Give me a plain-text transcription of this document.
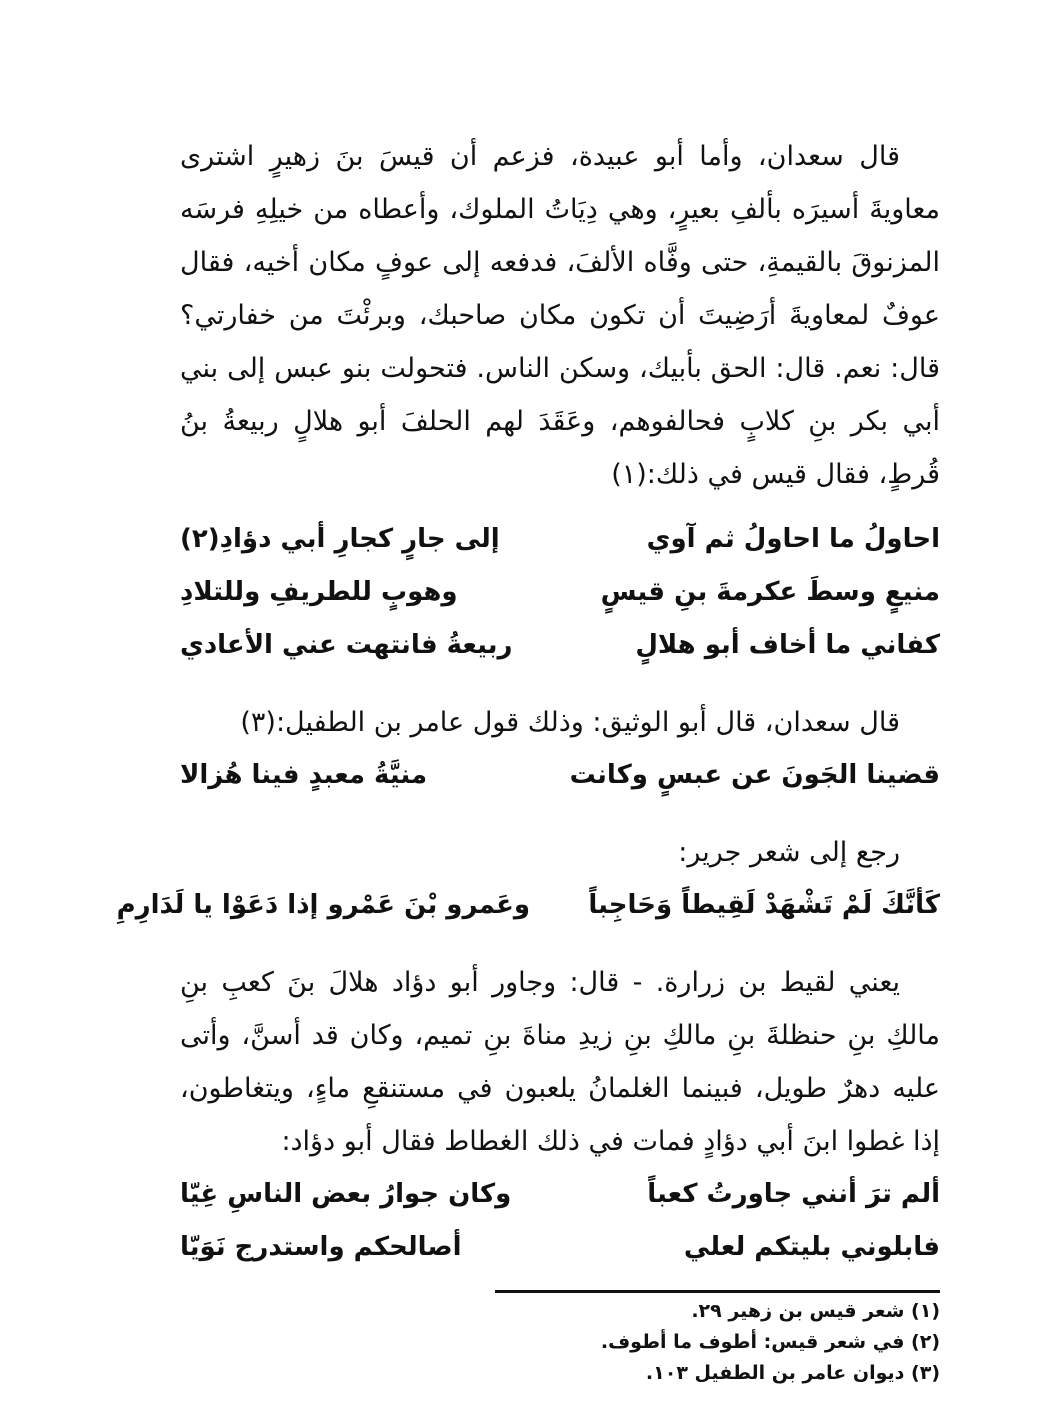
قال سعدان، وأما أبو عبيدة، فزعم أن قيسَ بنَ زهيرٍ اشترى معاويةَ أسيرَه بألفِ بعيرٍ، وهي دِيَاتُ الملوك، وأعطاه من خيلِهِ فرسَه المزنوقَ بالقيمةِ، حتى وفَّاه الألفَ، فدفعه إلى عوفٍ مكان أخيه، فقال عوفٌ لمعاويةَ أرَضِيتَ أن تكون مكان صاحبك، وبرئْتَ من خفارتي؟ قال: نعم. قال: الحق بأبيك، وسكن الناس. فتحولت بنو عبس إلى بني أبي بكر بنِ كلابٍ فحالفوهم، وعَقَدَ لهم الحلفَ أبو هلالٍ ربيعةُ بنُ قُرطٍ، فقال قيس في ذلك:(١)

احاولُ ما احاولُ ثم آوي
إلى جارٍ كجارِ أبي دؤادِ(٢)
منيعٍ وسطَ عكرمةَ بنِ قيسٍ
وهوبٍ للطريفِ وللتلادِ
كفاني ما أخاف أبو هلالٍ
ربيعةُ فانتهت عني الأعادي

قال سعدان، قال أبو الوثيق: وذلك قول عامر بن الطفيل:(٣)

قضينا الجَونَ عن عبسٍ وكانت
منيَّةُ معبدٍ فينا هُزالا

رجع إلى شعر جرير:

كَأنَّكَ لَمْ تَشْهَدْ لَقِيطاً وَحَاجِباً
وعَمرو بْنَ عَمْرو إذا دَعَوْا يا لَدَارِمِ

يعني لقيط بن زرارة. - قال: وجاور أبو دؤاد هلالَ بنَ كعبِ بنِ مالكِ بنِ حنظلةَ بنِ مالكِ بنِ زيدِ مناةَ بنِ تميم، وكان قد أسنَّ، وأتى عليه دهرٌ طويل، فبينما الغلمانُ يلعبون في مستنقعِ ماءٍ، ويتغاطون، إذا غطوا ابنَ أبي دؤادٍ فمات في ذلك الغطاط فقال أبو دؤاد:

ألم ترَ أنني جاورتُ كعباً
وكان جوارُ بعض الناسِ غِيّا
فابلوني بليتكم لعلي
أصالحكم واستدرج نَوَيّا
(١) شعر قيس بن زهير ٢٩.
(٢) في شعر قيس: أطوف ما أطوف.
(٣) ديوان عامر بن الطفيل ١٠٣.
